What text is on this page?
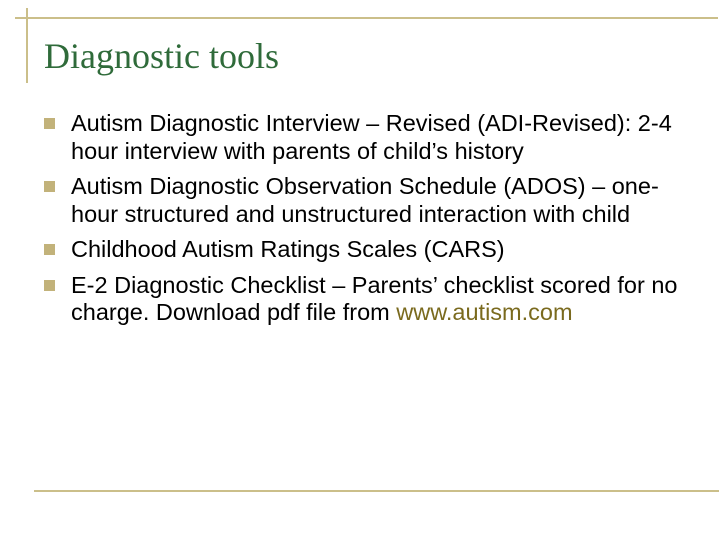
Diagnostic tools
Autism Diagnostic Interview – Revised (ADI-Revised): 2-4 hour interview with parents of child’s history
Autism Diagnostic Observation Schedule (ADOS) – one-hour structured and unstructured interaction with child
Childhood Autism Ratings Scales (CARS)
E-2 Diagnostic Checklist – Parents’ checklist scored for no charge. Download pdf file from www.autism.com
